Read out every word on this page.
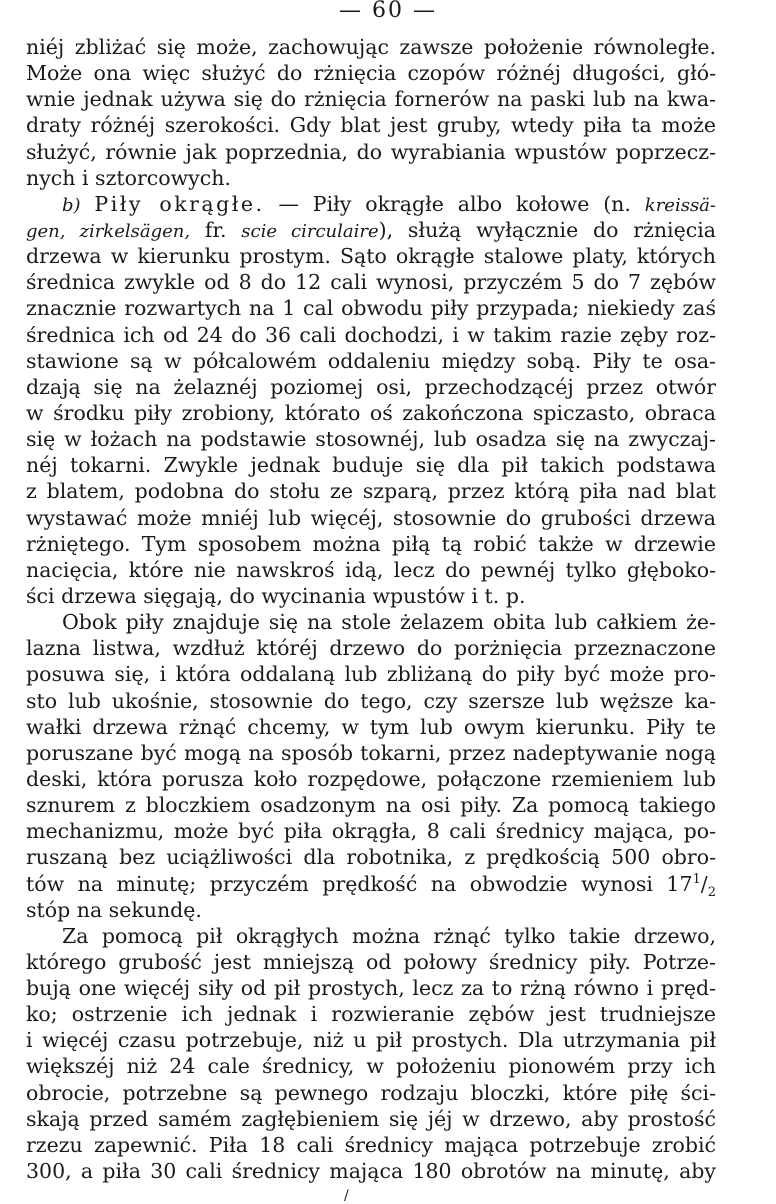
— 60 —
niéj zbliżać się może, zachowując zawsze położenie równoległe.
Może ona więc służyć do rżnięcia czopów różnéj długości, głó-
wnie jednak używa się do rżnięcia fornerów na paski lub na kwa-
draty różnéj szerokości. Gdy blat jest gruby, wtedy piła ta może
służyć, równie jak poprzednia, do wyrabiania wpustów poprzecz-
nych i sztorcowych.
b) Piły okrągłe. — Piły okrągłe albo kołowe (n. kreissä-
gen, zirkelsägen, fr. scie circulaire), służą wyłącznie do rżnięcia
drzewa w kierunku prostym. Sąto okrągłe stalowe platy, których
średnica zwykle od 8 do 12 cali wynosi, przyczém 5 do 7 zębów
znacznie rozwartych na 1 cal obwodu piły przypada; niekiedy zaś
średnica ich od 24 do 36 cali dochodzi, i w takim razie zęby roz-
stawione są w półcalowém oddaleniu między sobą. Piły te osa-
dzają się na żelaznéj poziomej osi, przechodzącéj przez otwór
w środku piły zrobiony, którato oś zakończona spiczasto, obraca
się w łożach na podstawie stosownéj, lub osadza się na zwyczaj-
néj tokarni. Zwykle jednak buduje się dla pił takich podstawa
z blatem, podobna do stołu ze szparą, przez którą piła nad blat
wystawać może mniéj lub więcéj, stosownie do grubości drzewa
rżniętego. Tym sposobem można piłą tą robić także w drzewie
nacięcia, które nie nawskroś idą, lecz do pewnéj tylko głęboko-
ści drzewa sięgają, do wycinania wpustów i t. p.
Obok piły znajduje się na stole żelazem obita lub całkiem że-
lazna listwa, wzdłuż któréj drzewo do porżnięcia przeznaczone
posuwa się, i która oddalaną lub zbliżaną do piły być może pro-
sto lub ukośnie, stosownie do tego, czy szersze lub węższe ka-
wałki drzewa rżnąć chcemy, w tym lub owym kierunku. Piły te
poruszane być mogą na sposób tokarni, przez nadeptywanie nogą
deski, która porusza koło rozpędowe, połączone rzemieniem lub
sznurem z bloczkiem osadzonym na osi piły. Za pomocą takiego
mechanizmu, może być piła okrągła, 8 cali średnicy mająca, po-
ruszaną bez uciążliwości dla robotnika, z prędkością 500 obro-
tów na minutę; przyczém prędkość na obwodzie wynosi $17^1/_2$
stóp na sekundę.
Za pomocą pił okrągłych można rżnąć tylko takie drzewo,
którego grubość jest mniejszą od połowy średnicy piły. Potrze-
bują one więcéj siły od pił prostych, lecz za to rżną równo i pręd-
ko; ostrzenie ich jednak i rozwieranie zębów jest trudniejsze
i więcéj czasu potrzebuje, niż u pił prostych. Dla utrzymania pił
większéj niż 24 cale średnicy, w położeniu pionowém przy ich
obrocie, potrzebne są pewnego rodzaju bloczki, które piłę ści-
skają przed samém zagłębieniem się jéj w drzewo, aby prostość
rzezu zapewnić. Piła 18 cali średnicy mająca potrzebuje zrobić
300, a piła 30 cali średnicy mająca 180 obrotów na minutę, aby
/
